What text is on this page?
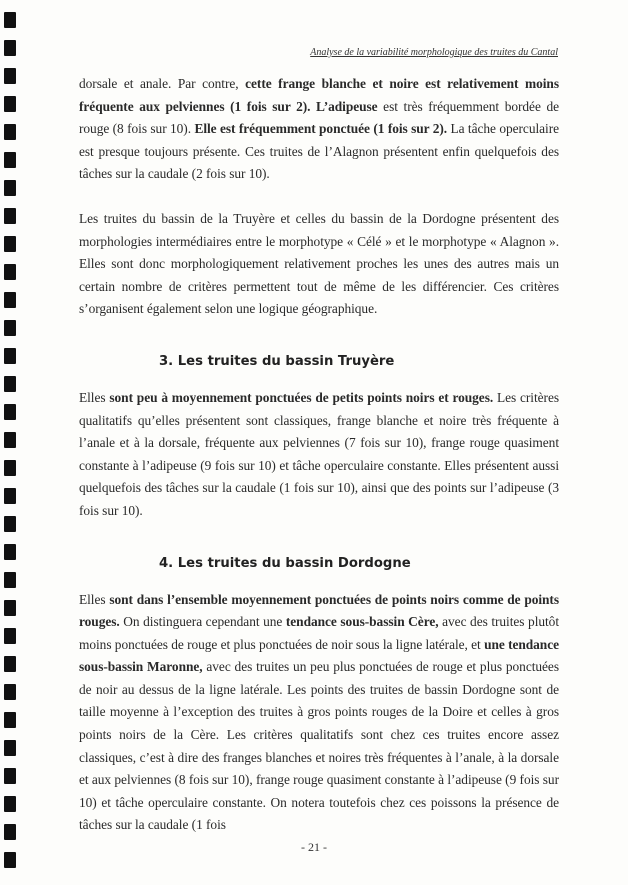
Analyse de la variabilité morphologique des truites du Cantal

dorsale et anale. Par contre, cette frange blanche et noire est relativement moins fréquente aux pelviennes (1 fois sur 2). L’adipeuse est très fréquemment bordée de rouge (8 fois sur 10). Elle est fréquemment ponctuée (1 fois sur 2). La tâche operculaire est presque toujours présente. Ces truites de l’Alagnon présentent enfin quelquefois des tâches sur la caudale (2 fois sur 10).

Les truites du bassin de la Truyère et celles du bassin de la Dordogne présentent des morphologies intermédiaires entre le morphotype « Célé » et le morphotype « Alagnon ». Elles sont donc morphologiquement relativement proches les unes des autres mais un certain nombre de critères permettent tout de même de les différencier. Ces critères s’organisent également selon une logique géographique.

3. Les truites du bassin Truyère

Elles sont peu à moyennement ponctuées de petits points noirs et rouges. Les critères qualitatifs qu’elles présentent sont classiques, frange blanche et noire très fréquente à l’anale et à la dorsale, fréquente aux pelviennes (7 fois sur 10), frange rouge quasiment constante à l’adipeuse (9 fois sur 10) et tâche operculaire constante. Elles présentent aussi quelquefois des tâches sur la caudale (1 fois sur 10), ainsi que des points sur l’adipeuse (3 fois sur 10).

4. Les truites du bassin Dordogne

Elles sont dans l’ensemble moyennement ponctuées de points noirs comme de points rouges. On distinguera cependant une tendance sous-bassin Cère, avec des truites plutôt moins ponctuées de rouge et plus ponctuées de noir sous la ligne latérale, et une tendance sous-bassin Maronne, avec des truites un peu plus ponctuées de rouge et plus ponctuées de noir au dessus de la ligne latérale. Les points des truites de bassin Dordogne sont de taille moyenne à l’exception des truites à gros points rouges de la Doire et celles à gros points noirs de la Cère. Les critères qualitatifs sont chez ces truites encore assez classiques, c’est à dire des franges blanches et noires très fréquentes à l’anale, à la dorsale et aux pelviennes (8 fois sur 10), frange rouge quasiment constante à l’adipeuse (9 fois sur 10) et tâche operculaire constante. On notera toutefois chez ces poissons la présence de tâches sur la caudale (1 fois

- 21 -
